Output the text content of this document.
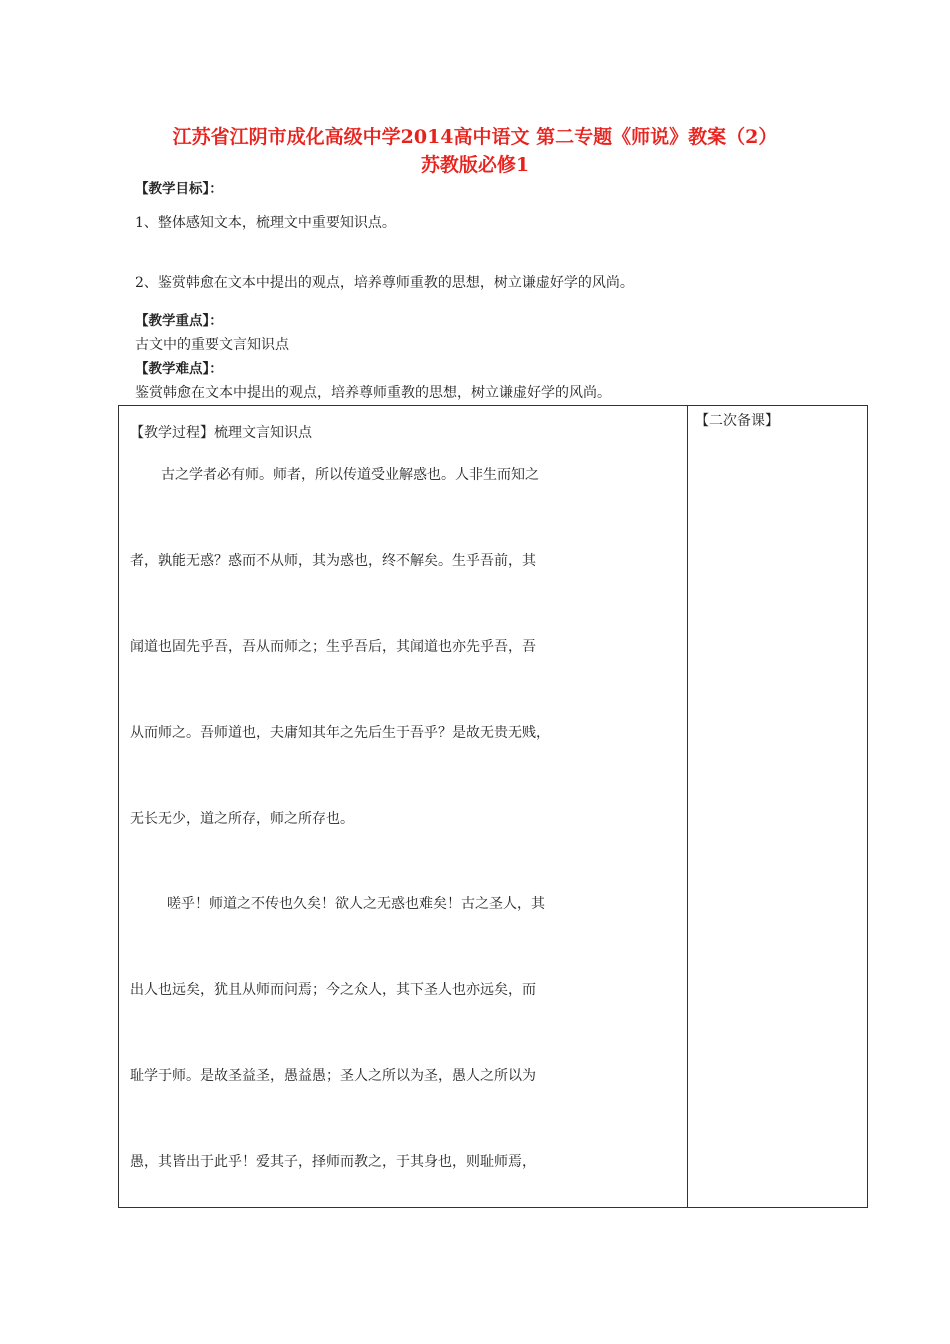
江苏省江阴市成化高级中学2014高中语文 第二专题《师说》教案（2）
苏教版必修1
【教学目标】：
1、整体感知文本，梳理文中重要知识点。
2、鉴赏韩愈在文本中提出的观点，培养尊师重教的思想，树立谦虚好学的风尚。
【教学重点】：
古文中的重要文言知识点
【教学难点】：
鉴赏韩愈在文本中提出的观点，培养尊师重教的思想，树立谦虚好学的风尚。
【教学过程】梳理文言知识点
【二次备课】
古之学者必有师。师者，所以传道受业解惑也。人非生而知之
者，孰能无惑？惑而不从师，其为惑也，终不解矣。生乎吾前，其
闻道也固先乎吾，吾从而师之；生乎吾后，其闻道也亦先乎吾，吾
从而师之。吾师道也，夫庸知其年之先后生于吾乎？是故无贵无贱，
无长无少，道之所存，师之所存也。
嗟乎！师道之不传也久矣！欲人之无惑也难矣！古之圣人，其
出人也远矣，犹且从师而问焉；今之众人，其下圣人也亦远矣，而
耻学于师。是故圣益圣，愚益愚；圣人之所以为圣，愚人之所以为
愚，其皆出于此乎！爱其子，择师而教之，于其身也，则耻师焉，
